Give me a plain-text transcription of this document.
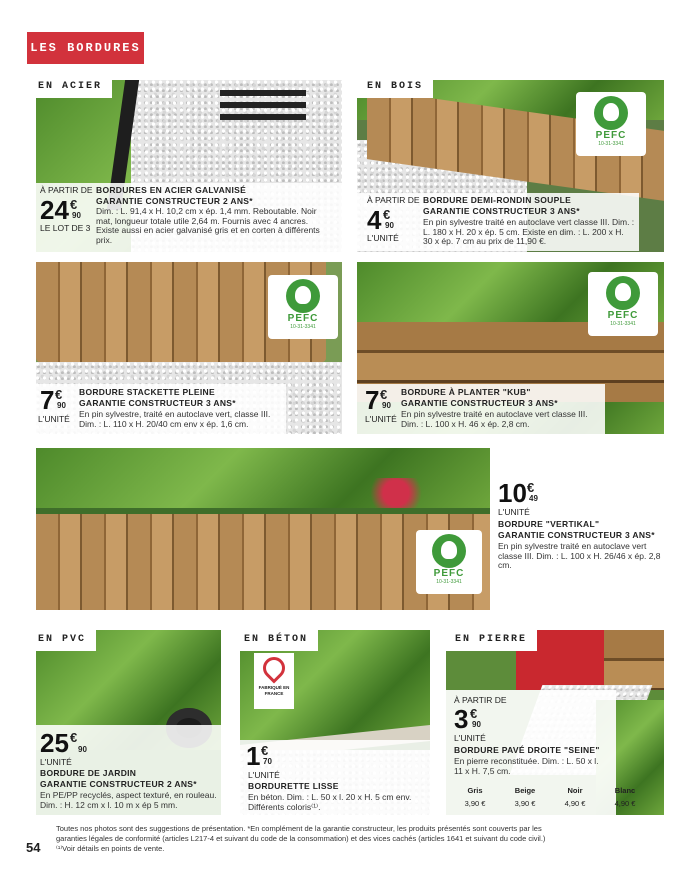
LES BORDURES
EN ACIER
À PARTIR DE
24 €
90
LE LOT DE 3
BORDURES EN ACIER GALVANISÉ
GARANTIE CONSTRUCTEUR 2 ANS*
Dim. : L. 91,4 x H. 10,2 cm x ép. 1,4 mm. Reboutable. Noir mat, longueur totale utile 2,64 m. Fournis avec 4 ancres. Existe aussi en acier galvanisé gris et en corten à différents prix.
EN BOIS
PEFC
10-31-3341
À PARTIR DE
4 €
90
L'UNITÉ
BORDURE DEMI-RONDIN SOUPLE
GARANTIE CONSTRUCTEUR 3 ANS*
En pin sylvestre traité en autoclave vert classe III. Dim. : L. 180 x H. 20 x ép. 5 cm. Existe en dim. : L. 200 x H. 30 x ép. 7 cm au prix de 11,90 €.
PEFC
10-31-3341
7 €
90
L'UNITÉ
BORDURE STACKETTE PLEINE
GARANTIE CONSTRUCTEUR 3 ANS*
En pin sylvestre, traité en autoclave vert, classe III. Dim. : L. 110 x H. 20/40 cm env x ép. 1,6 cm.
PEFC
10-31-3341
7 €
90
L'UNITÉ
BORDURE À PLANTER "KUB"
GARANTIE CONSTRUCTEUR 3 ANS*
En pin sylvestre traité en autoclave vert classe III. Dim. : L. 100 x H. 46 x ép. 2,8 cm.
PEFC
10-31-3341
10 €
49
L'UNITÉ
BORDURE "VERTIKAL"
GARANTIE CONSTRUCTEUR 3 ANS*
En pin sylvestre traité en autoclave vert classe III. Dim. : L. 100 x H. 26/46 x ép. 2,8 cm.
EN PVC
25 €
90
L'UNITÉ
BORDURE DE JARDIN
GARANTIE CONSTRUCTEUR 2 ANS*
En PE/PP recyclés, aspect texturé, en rouleau. Dim. : H. 12 cm x l. 10 m x ép 5 mm.
EN BÉTON
FABRIQUÉ EN FRANCE
1 €
70
L'UNITÉ
BORDURETTE LISSE
En béton. Dim. : L. 50 x l. 20 x H. 5 cm env. Différents coloris⁽¹⁾.
EN PIERRE
À PARTIR DE
3 €
90
L'UNITÉ
BORDURE PAVÉ DROITE "SEINE"
En pierre reconstituée. Dim. : L. 50 x l. 11 x H. 7,5 cm.
Gris	Beige	Noir	Blanc
3,90 €	3,90 €	4,90 €	4,90 €
54
Toutes nos photos sont des suggestions de présentation. *En complément de la garantie constructeur, les produits présentés sont couverts par les
garanties légales de conformité (articles L217-4 et suivant du code de la consommation) et des vices cachés (articles 1641 et suivant du code civil.)
⁽¹⁾Voir détails en points de vente.
